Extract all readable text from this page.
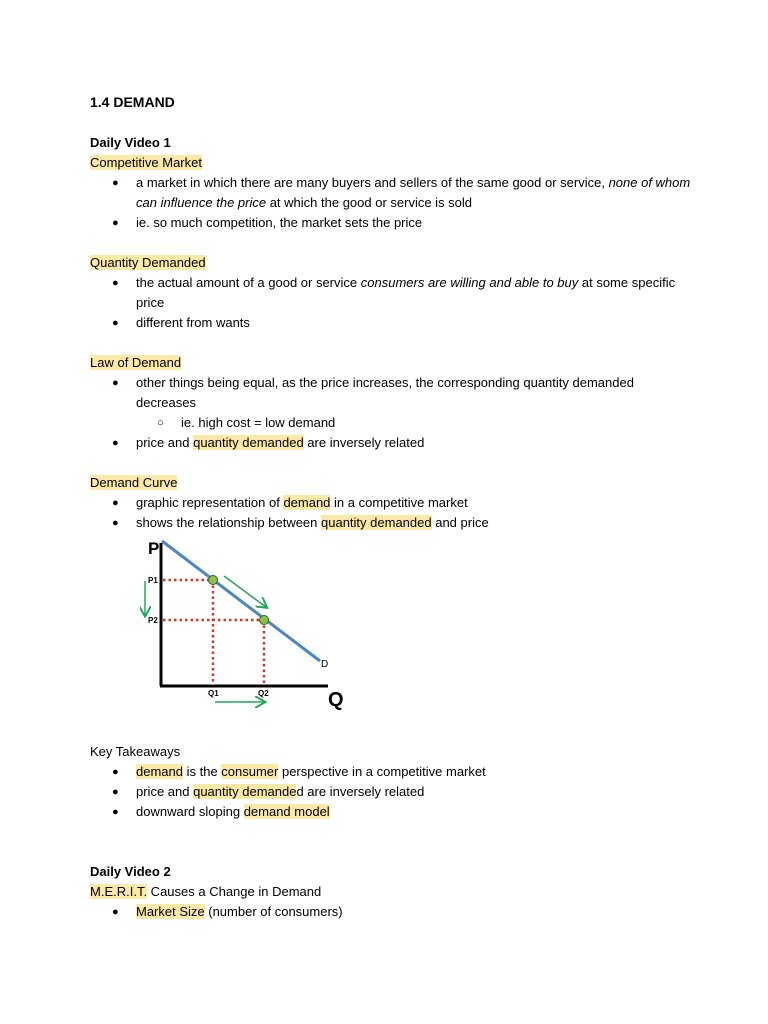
1.4 DEMAND
Daily Video 1
Competitive Market
● a market in which there are many buyers and sellers of the same good or service, none of whom
can influence the price at which the good or service is sold
● ie. so much competition, the market sets the price
Quantity Demanded
● the actual amount of a good or service consumers are willing and able to buy at some specific
price
● different from wants
Law of Demand
● other things being equal, as the price increases, the corresponding quantity demanded
decreases
○ ie. high cost = low demand
● price and quantity demanded are inversely related
Demand Curve
● graphic representation of demand in a competitive market
● shows the relationship between quantity demanded and price
P
Q
P1
P2
Q1	Q2
D
Key Takeaways
● demand is the consumer perspective in a competitive market
● price and quantity demanded are inversely related
● downward sloping demand model
Daily Video 2
M.E.R.I.T. Causes a Change in Demand
● Market Size (number of consumers)
